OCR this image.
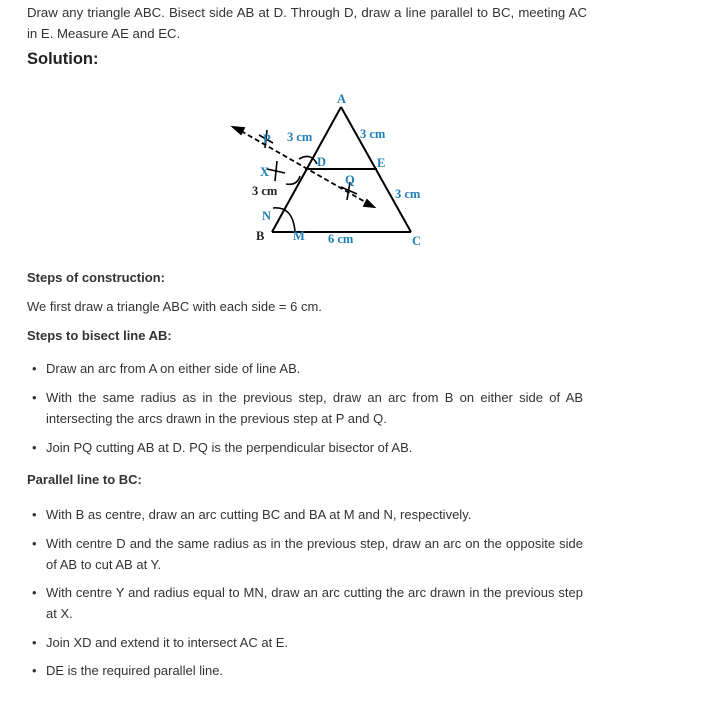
Draw any triangle ABC. Bisect side AB at D. Through D, draw a line parallel to BC, meeting AC in E. Measure AE and EC.

Solution:

A
B	C
D	E
P
Q
X
N
M
3 cm
3 cm
3 cm
3 cm
6 cm

Steps of construction:

We first draw a triangle ABC with each side = 6 cm.

Steps to bisect line AB:

• Draw an arc from A on either side of line AB.
• With the same radius as in the previous step, draw an arc from B on either side of AB intersecting the arcs drawn in the previous step at P and Q.
• Join PQ cutting AB at D. PQ is the perpendicular bisector of AB.

Parallel line to BC:

• With B as centre, draw an arc cutting BC and BA at M and N, respectively.
• With centre D and the same radius as in the previous step, draw an arc on the opposite side of AB to cut AB at Y.
• With centre Y and radius equal to MN, draw an arc cutting the arc drawn in the previous step at X.
• Join XD and extend it to intersect AC at E.
• DE is the required parallel line.
